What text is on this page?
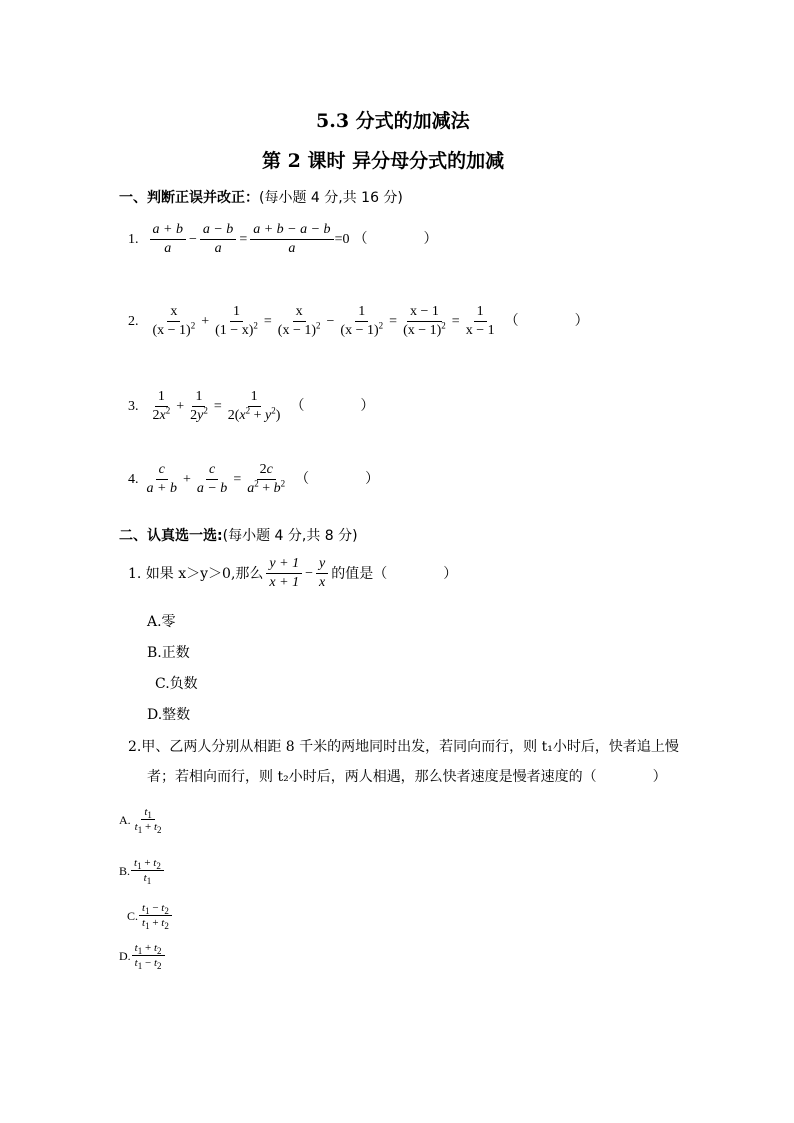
5.3 分式的加减法
第 2 课时 异分母分式的加减
一、判断正误并改正：(每小题 4 分,共 16 分)
1. $\frac{a + b}{a} - \frac{a - b}{a} = \frac{a + b - a - b}{a} =0$ （　　　　）
2. $\frac{x}{(x - 1)^2} + \frac{1}{(1 - x)^2} = \frac{x}{(x - 1)^2} - \frac{1}{(x - 1)^2} = \frac{x - 1}{(x - 1)^2} = \frac{1}{x - 1}$ （　　　　）
3. $\frac{1}{2x^2} + \frac{1}{2y^2} = \frac{1}{2(x^2 + y^2)}$ （　　　　）
4. $\frac{c}{a + b} + \frac{c}{a - b} = \frac{2c}{a^2 + b^2}$ （　　　　）
二、认真选一选:(每小题 4 分,共 8 分)
1. 如果 x＞y＞0,那么 $\frac{y + 1}{x + 1} - \frac{y}{x}$ 的值是（　　　　）
A.零
B.正数
C.负数
D.整数
2.甲、乙两人分别从相距 8 千米的两地同时出发，若同向而行，则 t₁小时后，快者追上慢
者；若相向而行，则 t₂小时后，两人相遇，那么快者速度是慢者速度的（　　　　）
A. $\frac{t_1}{t_1 + t_2}$
B. $\frac{t_1 + t_2}{t_1}$
C. $\frac{t_1 - t_2}{t_1 + t_2}$
D. $\frac{t_1 + t_2}{t_1 - t_2}$
